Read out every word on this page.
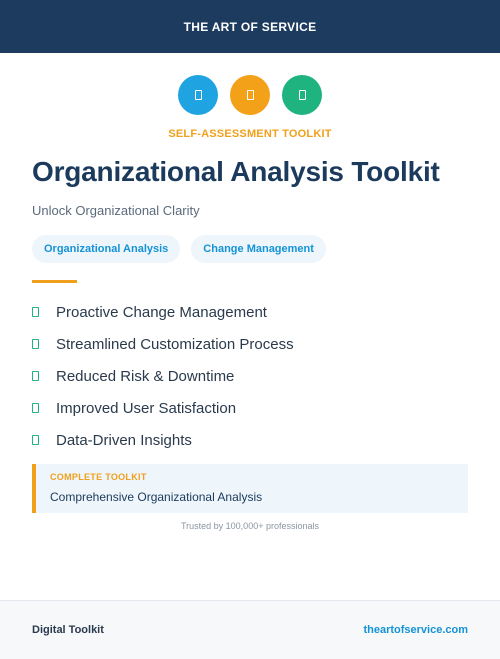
THE ART OF SERVICE
SELF-ASSESSMENT TOOLKIT
Organizational Analysis Toolkit
Unlock Organizational Clarity
Organizational Analysis	Change Management
Proactive Change Management
Streamlined Customization Process
Reduced Risk & Downtime
Improved User Satisfaction
Data-Driven Insights
COMPLETE TOOLKIT
Comprehensive Organizational Analysis
Trusted by 100,000+ professionals
Digital Toolkit	theartofservice.com
